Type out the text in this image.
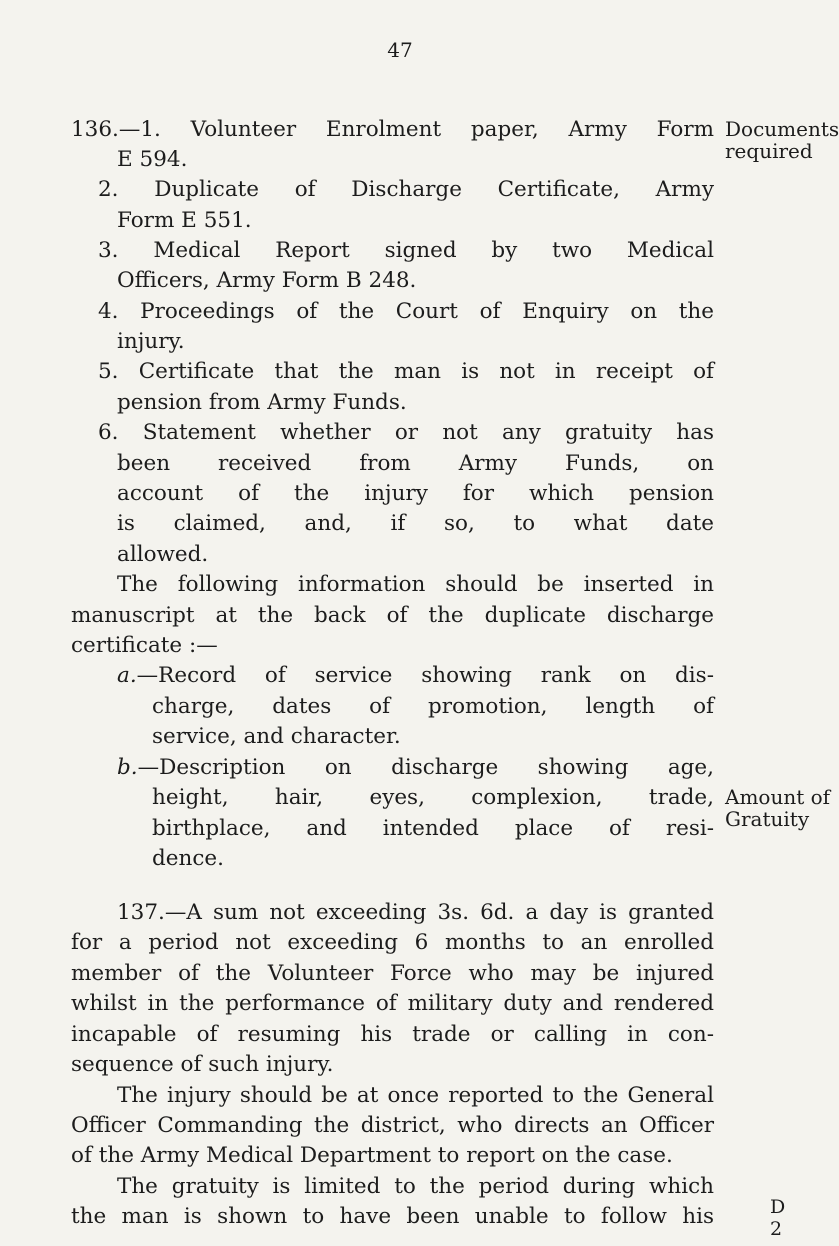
47
Documents
required
Amount of
Gratuity
136.—1. Volunteer Enrolment paper, Army Form
E 594.
2. Duplicate of Discharge Certificate, Army
Form E 551.
3. Medical Report signed by two Medical
Officers, Army Form B 248.
4. Proceedings of the Court of Enquiry on the
injury.
5. Certificate that the man is not in receipt of
pension from Army Funds.
6. Statement whether or not any gratuity has
been received from Army Funds, on
account of the injury for which pension
is claimed, and, if so, to what date
allowed.
The following information should be inserted in
manuscript at the back of the duplicate discharge
certificate :—
a. —Record of service showing rank on dis-
charge, dates of promotion, length of
service, and character.
b. —Description on discharge showing age,
height, hair, eyes, complexion, trade,
birthplace, and intended place of resi-
dence.
137.—A sum not exceeding 3s. 6d. a day is granted
for a period not exceeding 6 months to an enrolled
member of the Volunteer Force who may be injured
whilst in the performance of military duty and rendered
incapable of resuming his trade or calling in con-
sequence of such injury.
The injury should be at once reported to the General
Officer Commanding the district, who directs an Officer
of the Army Medical Department to report on the case.
The gratuity is limited to the period during which
the man is shown to have been unable to follow his	D 2
